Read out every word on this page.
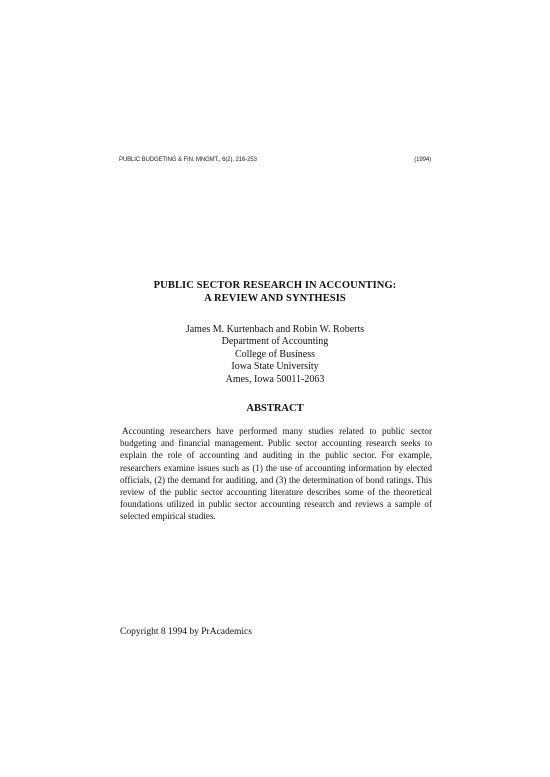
PUBLIC BUDGETING & FIN. MNGMT., 6(2), 216-253	(1994)
PUBLIC SECTOR RESEARCH IN ACCOUNTING:
A REVIEW AND SYNTHESIS
James M. Kurtenbach and Robin W. Roberts
Department of Accounting
College of Business
Iowa State University
Ames, Iowa 50011-2063
ABSTRACT

Accounting researchers have performed many studies related to public sector budgeting and financial management. Public sector accounting research seeks to explain the role of accounting and auditing in the public sector. For example, researchers examine issues such as (1) the use of accounting information by elected officials, (2) the demand for auditing, and (3) the determination of bond ratings. This review of the public sector accounting literature describes some of the theoretical foundations utilized in public sector accounting research and reviews a sample of selected empirical studies.

Copyright 8 1994 by PrAcademics
